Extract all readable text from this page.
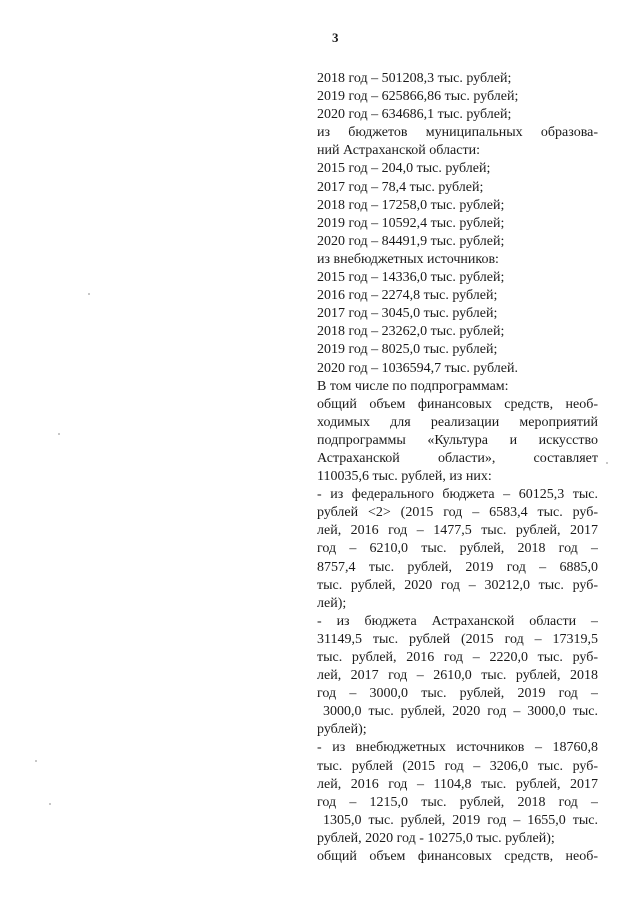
3
2018 год – 501208,3 тыс. рублей;
2019 год – 625866,86 тыс. рублей;
2020 год – 634686,1 тыс. рублей;
из бюджетов муниципальных образова-
ний Астраханской области:
2015 год – 204,0 тыс. рублей;
2017 год – 78,4 тыс. рублей;
2018 год – 17258,0 тыс. рублей;
2019 год – 10592,4 тыс. рублей;
2020 год – 84491,9 тыс. рублей;
из внебюджетных источников:
2015 год – 14336,0 тыс. рублей;
2016 год – 2274,8 тыс. рублей;
2017 год – 3045,0 тыс. рублей;
2018 год – 23262,0 тыс. рублей;
2019 год – 8025,0 тыс. рублей;
2020 год – 1036594,7 тыс. рублей.
В том числе по подпрограммам:
общий объем финансовых средств, необ-
ходимых для реализации мероприятий
подпрограммы «Культура и искусство
Астраханской области», составляет
110035,6 тыс. рублей, из них:
- из федерального бюджета – 60125,3 тыс.
рублей <2> (2015 год – 6583,4 тыс. руб-
лей, 2016 год – 1477,5 тыс. рублей, 2017
год – 6210,0 тыс. рублей, 2018 год –
8757,4 тыс. рублей, 2019 год – 6885,0
тыс. рублей, 2020 год – 30212,0 тыс. руб-
лей);
- из бюджета Астраханской области –
31149,5 тыс. рублей (2015 год – 17319,5
тыс. рублей, 2016 год – 2220,0 тыс. руб-
лей, 2017 год – 2610,0 тыс. рублей, 2018
год – 3000,0 тыс. рублей, 2019 год –
3000,0 тыс. рублей, 2020 год – 3000,0 тыс.
рублей);
- из внебюджетных источников – 18760,8
тыс. рублей (2015 год – 3206,0 тыс. руб-
лей, 2016 год – 1104,8 тыс. рублей, 2017
год – 1215,0 тыс. рублей, 2018 год –
1305,0 тыс. рублей, 2019 год – 1655,0 тыс.
рублей, 2020 год - 10275,0 тыс. рублей);
общий объем финансовых средств, необ-
